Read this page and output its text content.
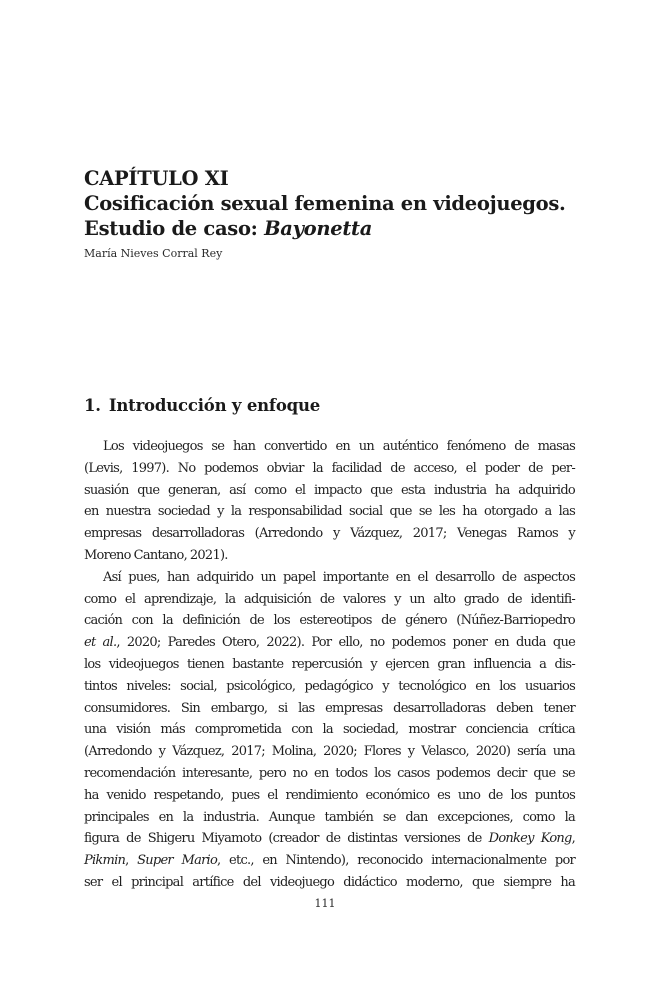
CAPÍTULO XI
Cosificación sexual femenina en videojuegos.
Estudio de caso: Bayonetta
María Nieves Corral Rey
1. Introducción y enfoque
Los videojuegos se han convertido en un auténtico fenómeno de masas
(Levis, 1997). No podemos obviar la facilidad de acceso, el poder de per-
suasión que generan, así como el impacto que esta industria ha adquirido
en nuestra sociedad y la responsabilidad social que se les ha otorgado a las
empresas desarrolladoras (Arredondo y Vázquez, 2017; Venegas Ramos y
Moreno Cantano, 2021).
Así pues, han adquirido un papel importante en el desarrollo de aspectos
como el aprendizaje, la adquisición de valores y un alto grado de identifi-
cación con la definición de los estereotipos de género (Núñez-Barriopedro
et al., 2020; Paredes Otero, 2022). Por ello, no podemos poner en duda que
los videojuegos tienen bastante repercusión y ejercen gran influencia a dis-
tintos niveles: social, psicológico, pedagógico y tecnológico en los usuarios
consumidores. Sin embargo, si las empresas desarrolladoras deben tener
una visión más comprometida con la sociedad, mostrar conciencia crítica
(Arredondo y Vázquez, 2017; Molina, 2020; Flores y Velasco, 2020) sería una
recomendación interesante, pero no en todos los casos podemos decir que se
ha venido respetando, pues el rendimiento económico es uno de los puntos
principales en la industria. Aunque también se dan excepciones, como la
figura de Shigeru Miyamoto (creador de distintas versiones de Donkey Kong,
Pikmin, Super Mario, etc., en Nintendo), reconocido internacionalmente por
ser el principal artífice del videojuego didáctico moderno, que siempre ha
111
